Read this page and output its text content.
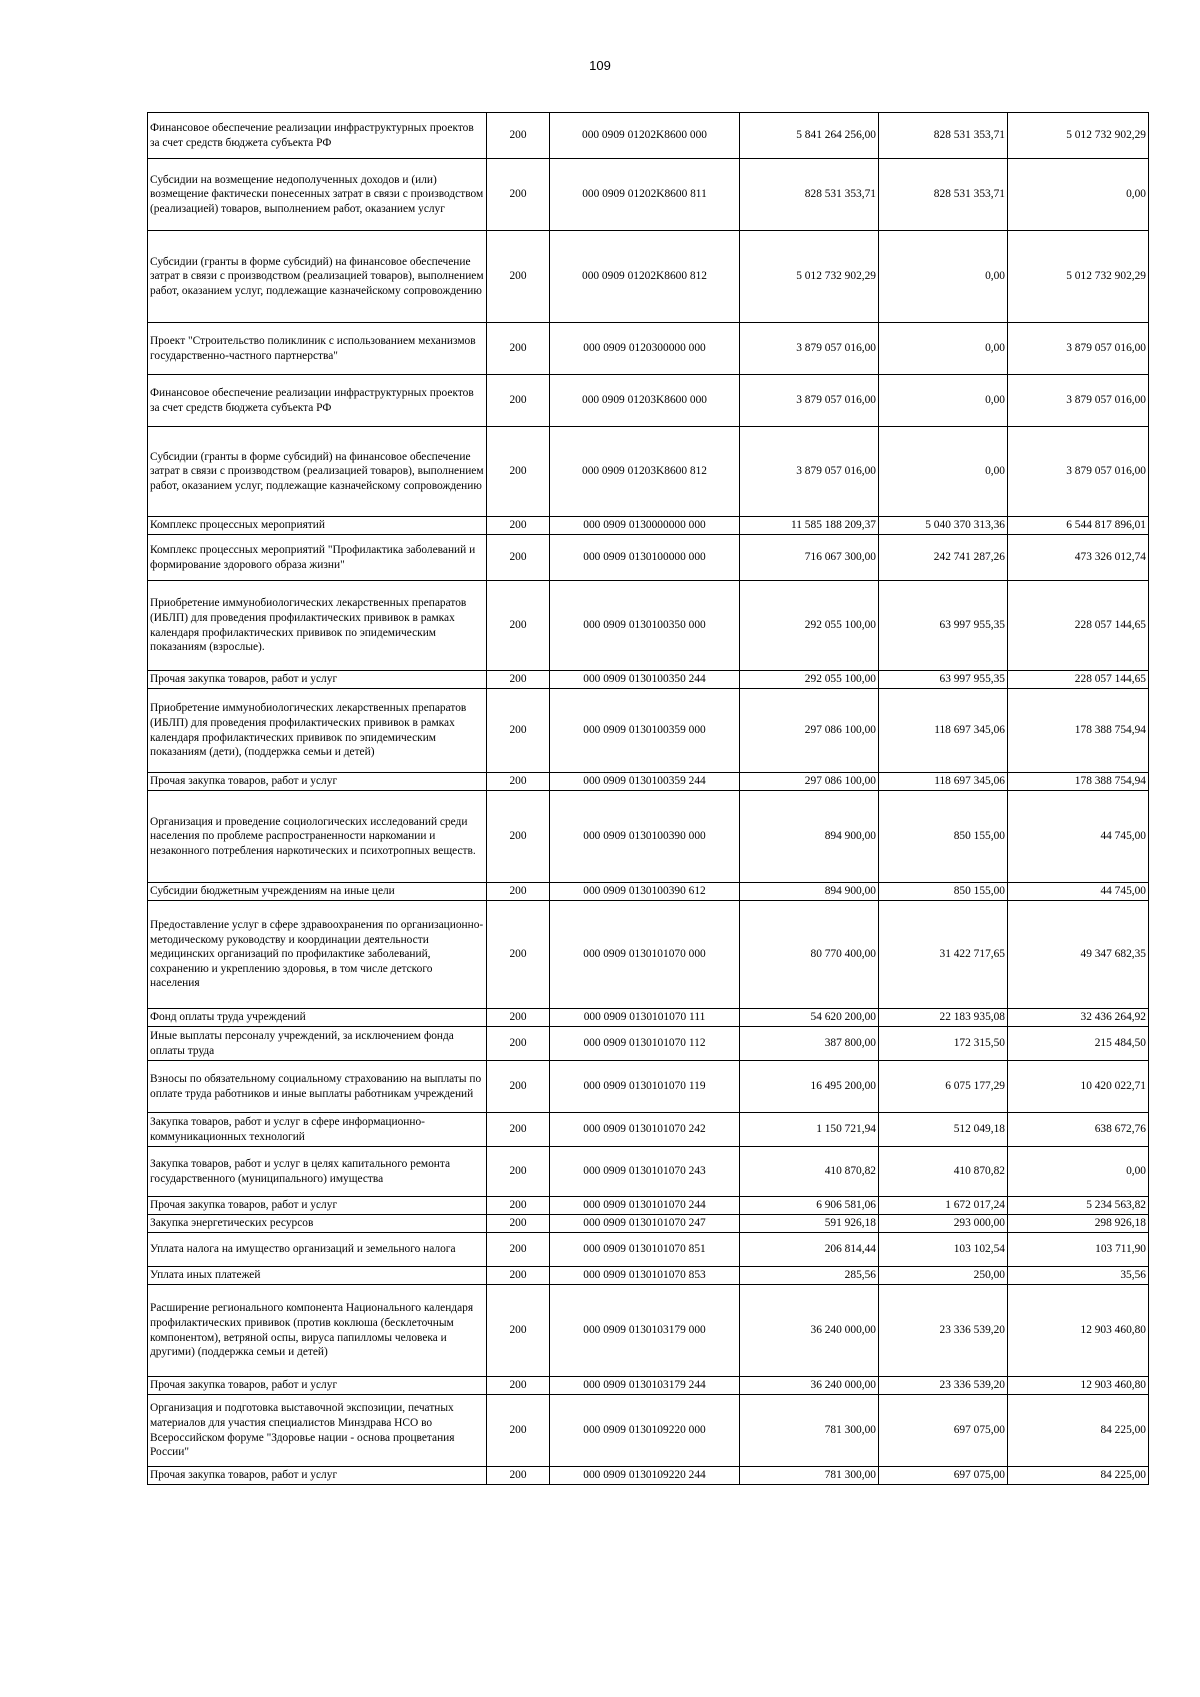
109
Финансовое обеспечение реализации инфраструктурных проектов за счет средств бюджета субъекта РФ	200	000 0909 01202K8600 000	5 841 264 256,00	828 531 353,71	5 012 732 902,29
Субсидии на возмещение недополученных доходов и (или) возмещение фактически понесенных затрат в связи с производством (реализацией) товаров, выполнением работ, оказанием услуг	200	000 0909 01202K8600 811	828 531 353,71	828 531 353,71	0,00
Субсидии (гранты в форме субсидий) на финансовое обеспечение затрат в связи с производством (реализацией товаров), выполнением работ, оказанием услуг, подлежащие казначейскому сопровождению	200	000 0909 01202K8600 812	5 012 732 902,29	0,00	5 012 732 902,29
Проект "Строительство поликлиник с использованием механизмов государственно-частного партнерства"	200	000 0909 0120300000 000	3 879 057 016,00	0,00	3 879 057 016,00
Финансовое обеспечение реализации инфраструктурных проектов за счет средств бюджета субъекта РФ	200	000 0909 01203K8600 000	3 879 057 016,00	0,00	3 879 057 016,00
Субсидии (гранты в форме субсидий) на финансовое обеспечение затрат в связи с производством (реализацией товаров), выполнением работ, оказанием услуг, подлежащие казначейскому сопровождению	200	000 0909 01203K8600 812	3 879 057 016,00	0,00	3 879 057 016,00
Комплекс процессных мероприятий	200	000 0909 0130000000 000	11 585 188 209,37	5 040 370 313,36	6 544 817 896,01
Комплекс процессных мероприятий "Профилактика заболеваний и формирование здорового образа жизни"	200	000 0909 0130100000 000	716 067 300,00	242 741 287,26	473 326 012,74
Приобретение иммунобиологических лекарственных препаратов (ИБЛП) для проведения профилактических прививок в рамках календаря профилактических прививок по эпидемическим показаниям (взрослые).	200	000 0909 0130100350 000	292 055 100,00	63 997 955,35	228 057 144,65
Прочая закупка товаров, работ и услуг	200	000 0909 0130100350 244	292 055 100,00	63 997 955,35	228 057 144,65
Приобретение иммунобиологических лекарственных препаратов (ИБЛП) для проведения профилактических прививок в рамках календаря профилактических прививок по эпидемическим показаниям (дети), (поддержка семьи и детей)	200	000 0909 0130100359 000	297 086 100,00	118 697 345,06	178 388 754,94
Прочая закупка товаров, работ и услуг	200	000 0909 0130100359 244	297 086 100,00	118 697 345,06	178 388 754,94
Организация и проведение социологических исследований среди населения по проблеме распространенности наркомании и незаконного потребления наркотических и психотропных веществ.	200	000 0909 0130100390 000	894 900,00	850 155,00	44 745,00
Субсидии бюджетным учреждениям на иные цели	200	000 0909 0130100390 612	894 900,00	850 155,00	44 745,00
Предоставление услуг в сфере здравоохранения по организационно-методическому руководству и координации деятельности медицинских организаций по профилактике заболеваний, сохранению и укреплению здоровья, в том числе детского населения	200	000 0909 0130101070 000	80 770 400,00	31 422 717,65	49 347 682,35
Фонд оплаты труда учреждений	200	000 0909 0130101070 111	54 620 200,00	22 183 935,08	32 436 264,92
Иные выплаты персоналу учреждений, за исключением фонда оплаты труда	200	000 0909 0130101070 112	387 800,00	172 315,50	215 484,50
Взносы по обязательному социальному страхованию на выплаты по оплате труда работников и иные выплаты работникам учреждений	200	000 0909 0130101070 119	16 495 200,00	6 075 177,29	10 420 022,71
Закупка товаров, работ и услуг в сфере информационно-коммуникационных технологий	200	000 0909 0130101070 242	1 150 721,94	512 049,18	638 672,76
Закупка товаров, работ и услуг в целях капитального ремонта государственного (муниципального) имущества	200	000 0909 0130101070 243	410 870,82	410 870,82	0,00
Прочая закупка товаров, работ и услуг	200	000 0909 0130101070 244	6 906 581,06	1 672 017,24	5 234 563,82
Закупка энергетических ресурсов	200	000 0909 0130101070 247	591 926,18	293 000,00	298 926,18
Уплата налога на имущество организаций и земельного налога	200	000 0909 0130101070 851	206 814,44	103 102,54	103 711,90
Уплата иных платежей	200	000 0909 0130101070 853	285,56	250,00	35,56
Расширение регионального компонента Национального календаря профилактических прививок (против коклюша (бесклеточным компонентом), ветряной оспы, вируса папилломы человека и другими) (поддержка семьи и детей)	200	000 0909 0130103179 000	36 240 000,00	23 336 539,20	12 903 460,80
Прочая закупка товаров, работ и услуг	200	000 0909 0130103179 244	36 240 000,00	23 336 539,20	12 903 460,80
Организация и подготовка выставочной экспозиции, печатных материалов для участия специалистов Минздрава НСО во Всероссийском форуме "Здоровье нации - основа процветания России"	200	000 0909 0130109220 000	781 300,00	697 075,00	84 225,00
Прочая закупка товаров, работ и услуг	200	000 0909 0130109220 244	781 300,00	697 075,00	84 225,00
